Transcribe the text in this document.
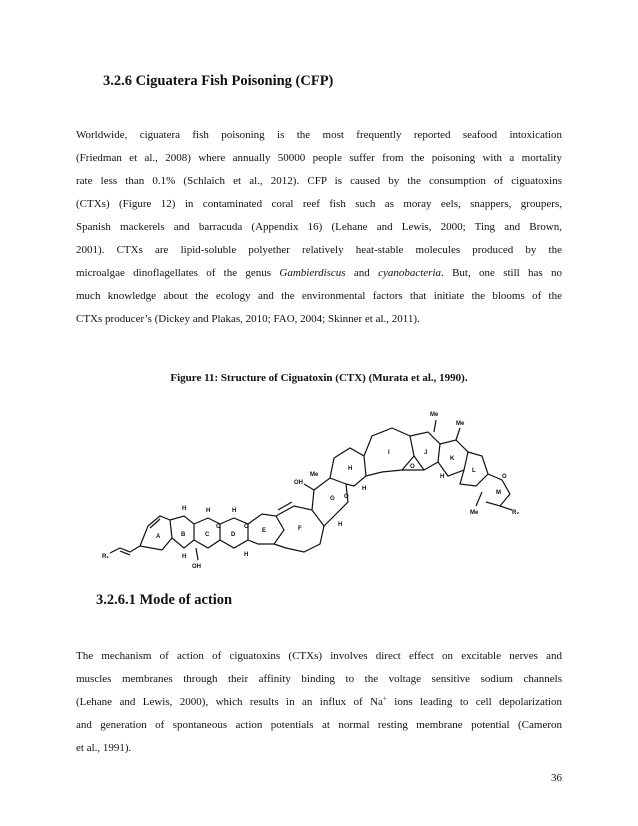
3.2.6 Ciguatera Fish Poisoning (CFP)
Worldwide, ciguatera fish poisoning is the most frequently reported seafood intoxication
(Friedman et al., 2008) where annually 50000 people suffer from the poisoning with a mortality
rate less than 0.1% (Schlaich et al., 2012). CFP is caused by the consumption of ciguatoxins
(CTXs) (Figure 12) in contaminated coral reef fish such as moray eels, snappers, groupers,
Spanish mackerels and barracuda (Appendix 16) (Lehane and Lewis, 2000; Ting and Brown,
2001). CTXs are lipid-soluble polyether relatively heat-stable molecules produced by the
microalgae dinoflagellates of the genus Gambierdiscus and cyanobacteria. But, one still has no
much knowledge about the ecology and the environmental factors that initiate the blooms of the
CTXs producer’s (Dickey and Plakas, 2010; FAO, 2004; Skinner et al., 2011).
Figure 11: Structure of Ciguatoxin (CTX) (Murata et al., 1990).
A	B	C	D
E	F
G
H
I	J
K
L
M
R₁
R₂
OH
OH
Me
Me
Me
Me
H	H	H
H	H
H
H
H
O	O
O
O
O
3.2.6.1 Mode of action
The mechanism of action of ciguatoxins (CTXs) involves direct effect on excitable nerves and
muscles membranes through their affinity binding to the voltage sensitive sodium channels
(Lehane and Lewis, 2000), which results in an influx of Na+ ions leading to cell depolarization
and generation of spontaneous action potentials at normal resting membrane potential (Cameron
et al., 1991).
36
